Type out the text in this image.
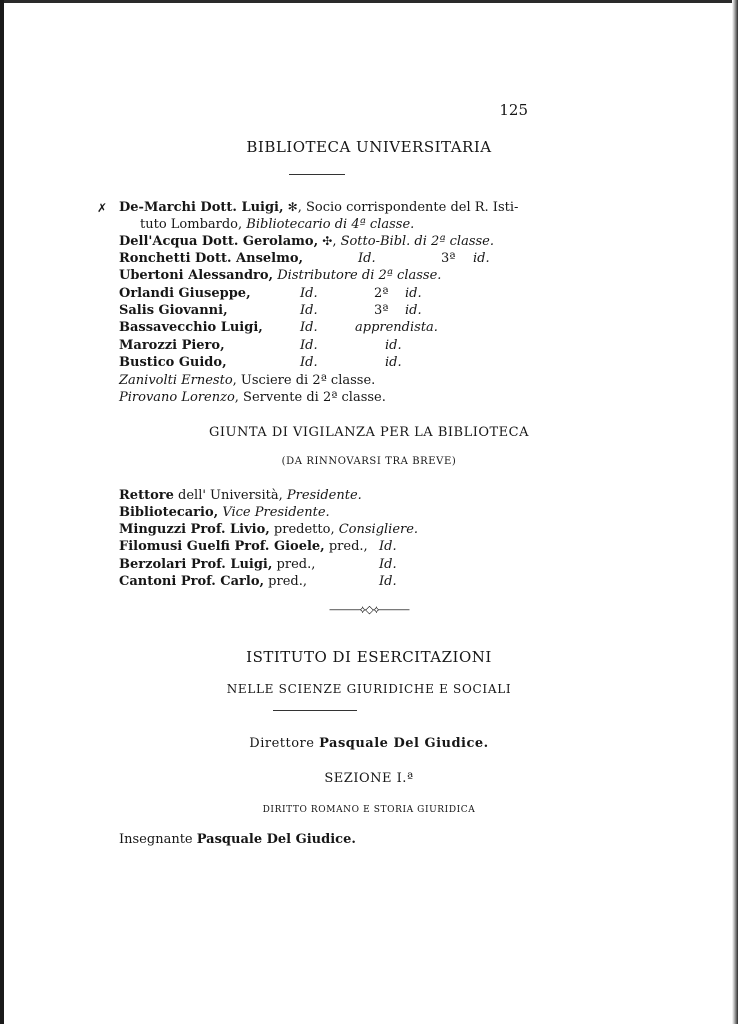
125
BIBLIOTECA UNIVERSITARIA
✗ De-Marchi Dott. Luigi, ✻, Socio corrispondente del R. Isti-
tuto Lombardo, Bibliotecario di 4ª classe.
Dell'Acqua Dott. Gerolamo, ✣, Sotto-Bibl. di 2ª classe.
Ronchetti Dott. Anselmo,	Id.	3ª id.
Ubertoni Alessandro, Distributore di 2ª classe.
Orlandi Giuseppe,	Id.	2ª id.
Salis Giovanni,	Id.	3ª id.
Bassavecchio Luigi,	Id.	apprendista.
Marozzi Piero,	Id.	id.
Bustico Guido,	Id.	id.
Zanivolti Ernesto, Usciere di 2ª classe.
Pirovano Lorenzo, Servente di 2ª classe.
GIUNTA DI VIGILANZA PER LA BIBLIOTECA
(DA RINNOVARSI TRA BREVE)
Rettore dell' Università, Presidente.
Bibliotecario, Vice Presidente.
Minguzzi Prof. Livio, predetto, Consigliere.
Filomusi Guelfi Prof. Gioele, pred., Id.
Berzolari Prof. Luigi, pred.,	Id.
Cantoni Prof. Carlo, pred.,	Id.
———⟡◇⟡———
ISTITUTO DI ESERCITAZIONI
NELLE SCIENZE GIURIDICHE E SOCIALI
Direttore Pasquale Del Giudice.
SEZIONE I.ª
DIRITTO ROMANO E STORIA GIURIDICA
Insegnante Pasquale Del Giudice.
